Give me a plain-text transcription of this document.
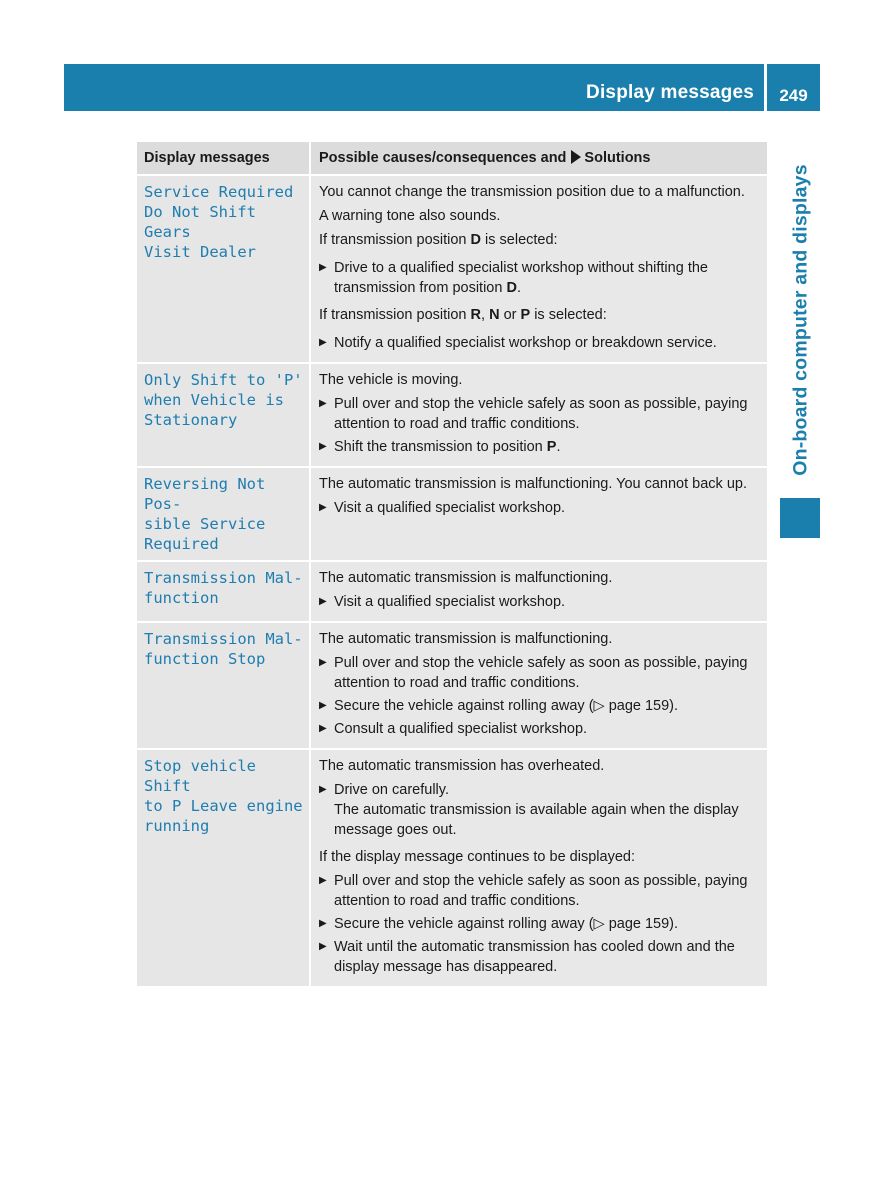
Display messages	249
On-board computer and displays
Display messages	Possible causes/consequences and Solutions
Service Required
Do Not Shift Gears
Visit Dealer
You cannot change the transmission position due to a malfunction.
A warning tone also sounds.
If transmission position D is selected:
▶ Drive to a qualified specialist workshop without shifting the transmission from position D.
If transmission position R, N or P is selected:
▶ Notify a qualified specialist workshop or breakdown service.
Only Shift to 'P'
when Vehicle is
Stationary
The vehicle is moving.
▶ Pull over and stop the vehicle safely as soon as possible, paying attention to road and traffic conditions.
▶ Shift the transmission to position P.
Reversing Not Pos-
sible Service
Required
The automatic transmission is malfunctioning. You cannot back up.
▶ Visit a qualified specialist workshop.
Transmission Mal-
function
The automatic transmission is malfunctioning.
▶ Visit a qualified specialist workshop.
Transmission Mal-
function Stop
The automatic transmission is malfunctioning.
▶ Pull over and stop the vehicle safely as soon as possible, paying attention to road and traffic conditions.
▶ Secure the vehicle against rolling away (▷ page 159).
▶ Consult a qualified specialist workshop.
Stop vehicle Shift
to P Leave engine
running
The automatic transmission has overheated.
▶ Drive on carefully.
The automatic transmission is available again when the display message goes out.
If the display message continues to be displayed:
▶ Pull over and stop the vehicle safely as soon as possible, paying attention to road and traffic conditions.
▶ Secure the vehicle against rolling away (▷ page 159).
▶ Wait until the automatic transmission has cooled down and the display message has disappeared.
